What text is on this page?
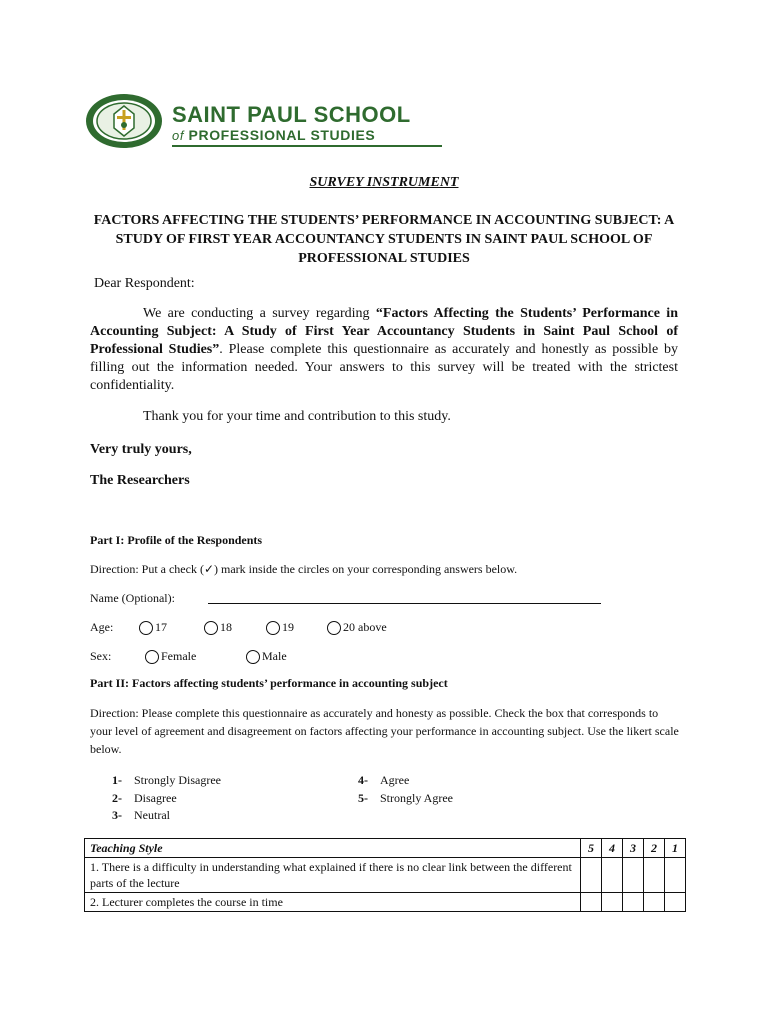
SAINT PAUL SCHOOL
of PROFESSIONAL STUDIES
SURVEY INSTRUMENT
FACTORS AFFECTING THE STUDENTS’ PERFORMANCE IN ACCOUNTING SUBJECT: A STUDY OF FIRST YEAR ACCOUNTANCY STUDENTS IN SAINT PAUL SCHOOL OF PROFESSIONAL STUDIES
Dear Respondent:
We are conducting a survey regarding “Factors Affecting the Students’ Performance in Accounting Subject: A Study of First Year Accountancy Students in Saint Paul School of Professional Studies”. Please complete this questionnaire as accurately and honestly as possible by filling out the information needed. Your answers to this survey will be treated with the strictest confidentiality.
Thank you for your time and contribution to this study.
Very truly yours,
The Researchers
Part I: Profile of the Respondents
Direction: Put a check (✓) mark inside the circles on your corresponding answers below.
Name (Optional):
Age:	17	18	19	20 above
Sex:	Female	Male
Part II: Factors affecting students’ performance in accounting subject
Direction: Please complete this questionnaire as accurately and honesty as possible. Check the box that corresponds to your level of agreement and disagreement on factors affecting your performance in accounting subject. Use the likert scale below.
1- Strongly Disagree
2- Disagree
3- Neutral
4- Agree
5- Strongly Agree
Teaching Style	5	4	3	2	1
1. There is a difficulty in understanding what explained if there is no clear link between the different parts of the lecture					
2. Lecturer completes the course in time					
